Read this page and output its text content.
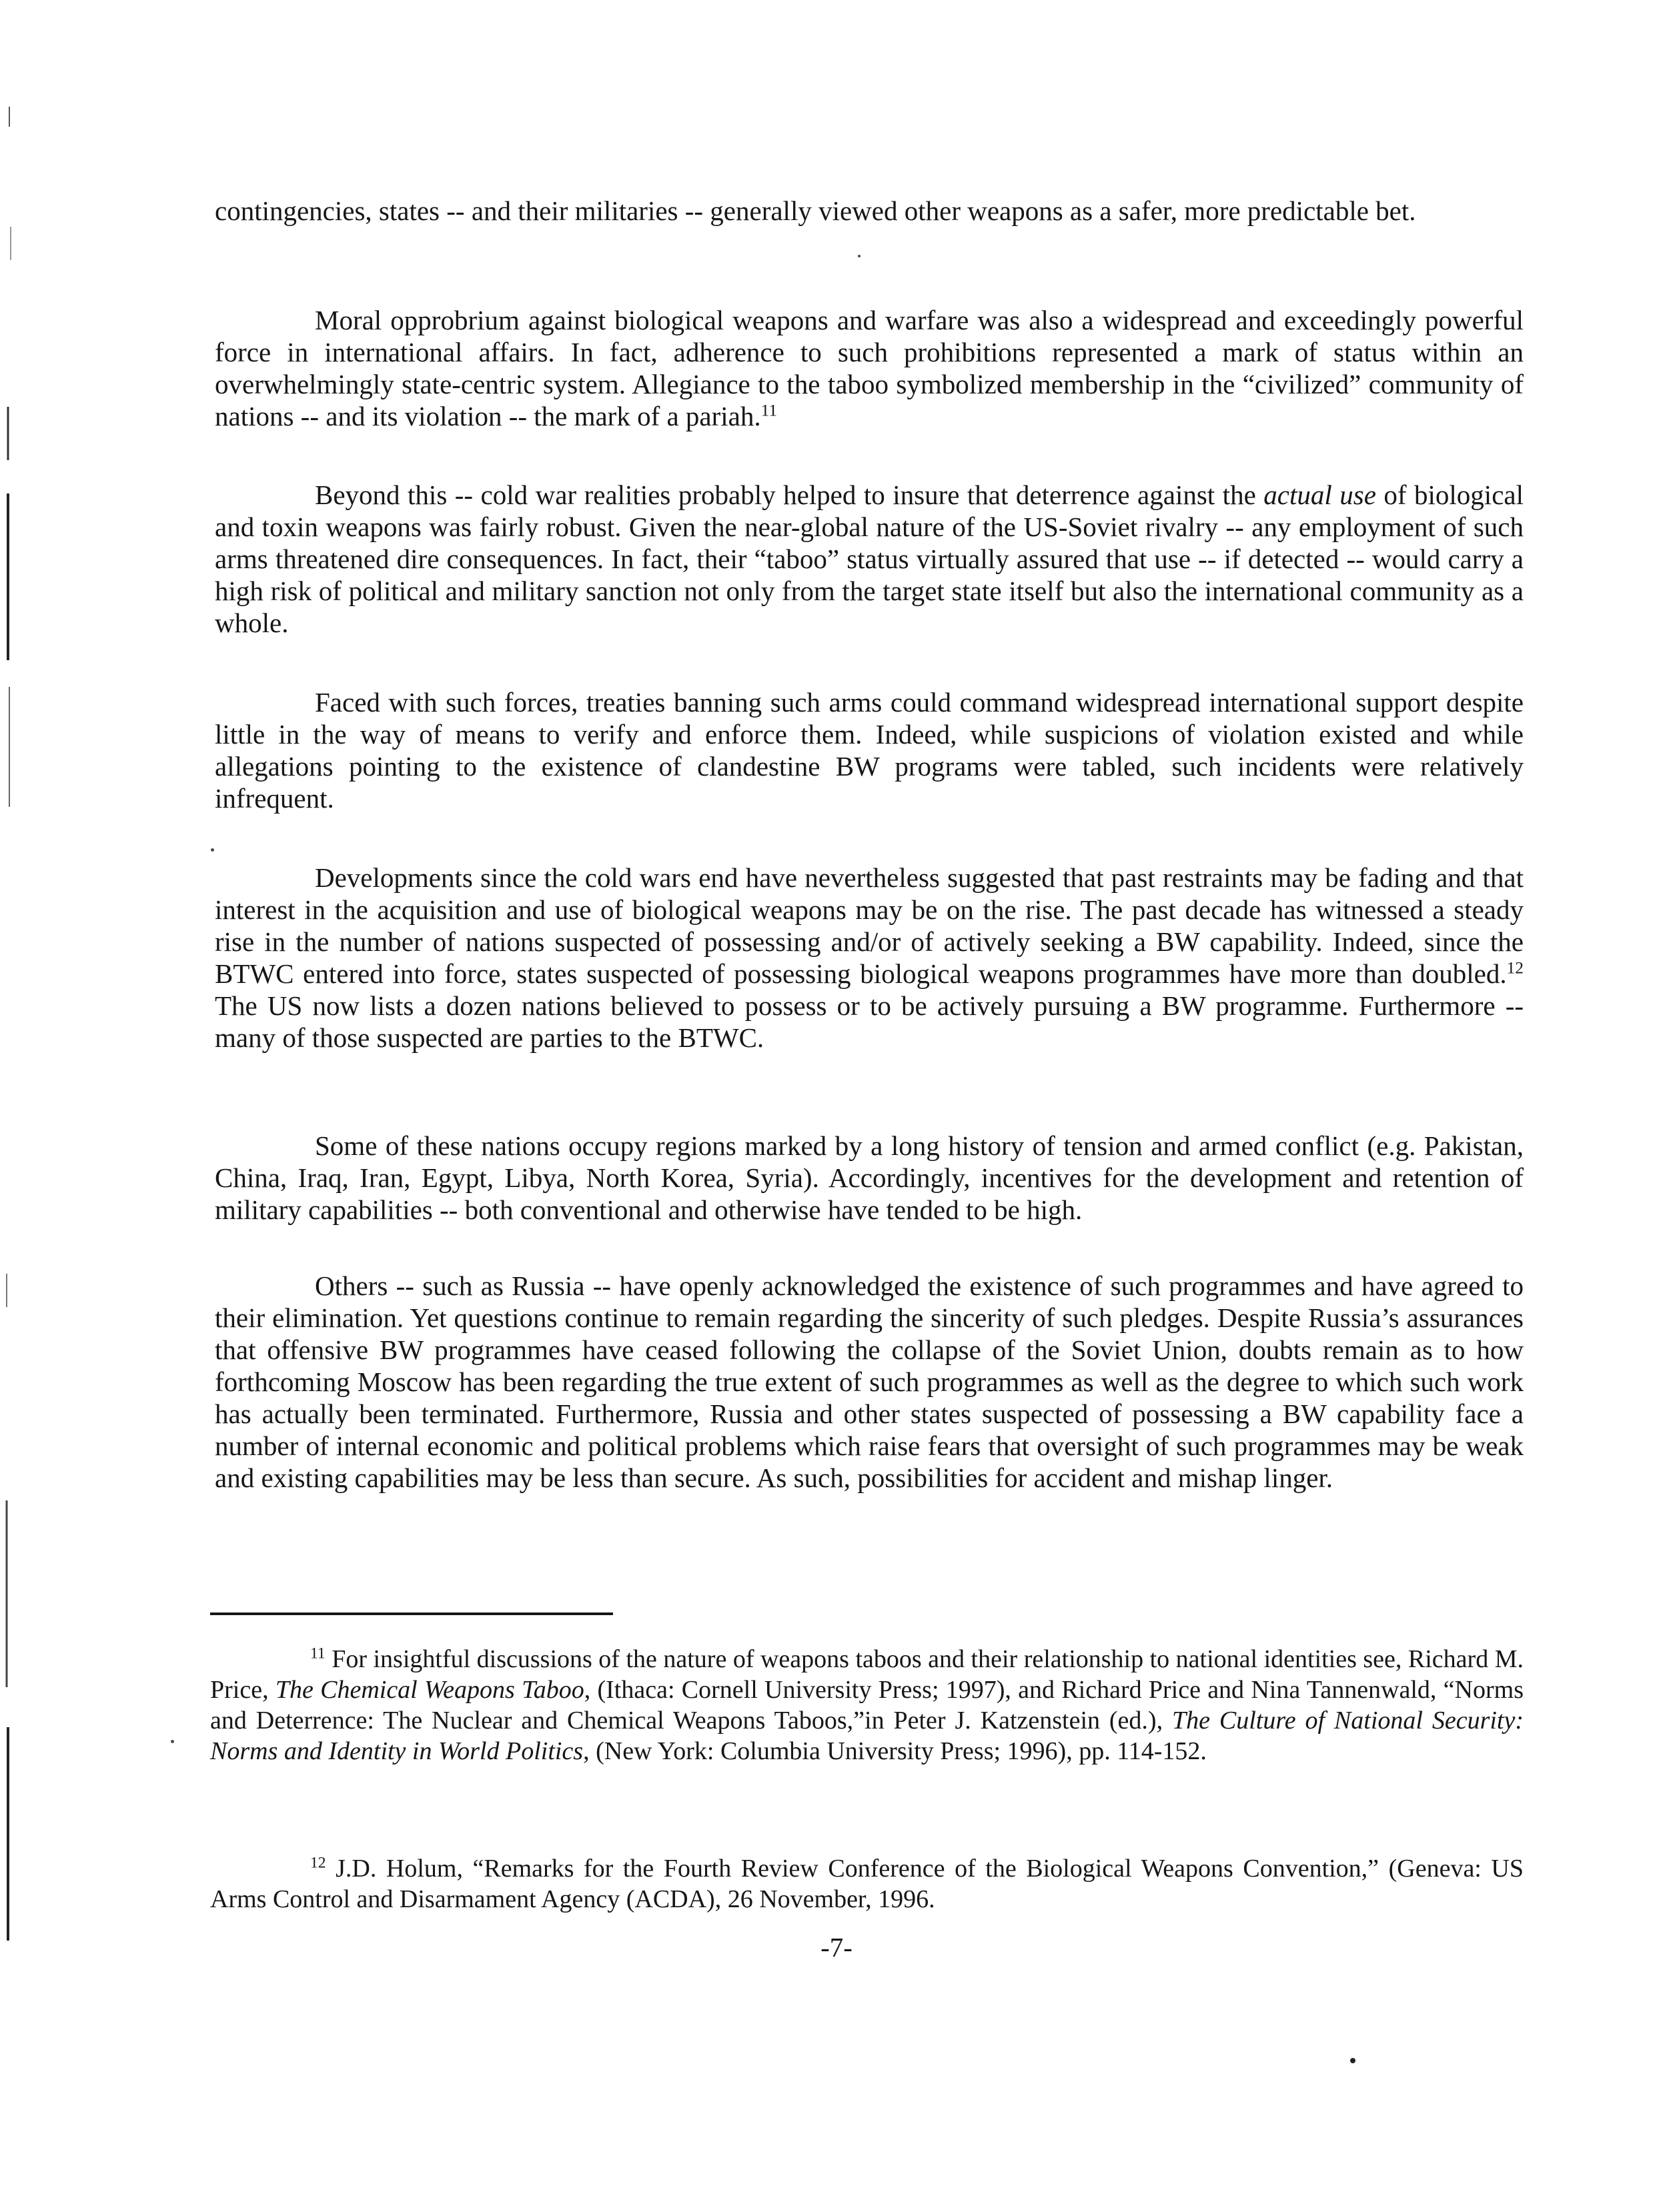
contingencies, states -- and their militaries -- generally viewed other weapons as a safer, more predictable bet.

Moral opprobrium against biological weapons and warfare was also a widespread and exceedingly powerful force in international affairs. In fact, adherence to such prohibitions represented a mark of status within an overwhelmingly state-centric system. Allegiance to the taboo symbolized membership in the “civilized” community of nations -- and its violation -- the mark of a pariah.$^{11}$

Beyond this -- cold war realities probably helped to insure that deterrence against the actual use of biological and toxin weapons was fairly robust. Given the near-global nature of the US-Soviet rivalry -- any employment of such arms threatened dire consequences. In fact, their “taboo” status virtually assured that use -- if detected -- would carry a high risk of political and military sanction not only from the target state itself but also the international community as a whole.

Faced with such forces, treaties banning such arms could command widespread international support despite little in the way of means to verify and enforce them. Indeed, while suspicions of violation existed and while allegations pointing to the existence of clandestine BW programs were tabled, such incidents were relatively infrequent.

Developments since the cold wars end have nevertheless suggested that past restraints may be fading and that interest in the acquisition and use of biological weapons may be on the rise. The past decade has witnessed a steady rise in the number of nations suspected of possessing and/or of actively seeking a BW capability. Indeed, since the BTWC entered into force, states suspected of possessing biological weapons programmes have more than doubled.$^{12}$ The US now lists a dozen nations believed to possess or to be actively pursuing a BW programme. Furthermore -- many of those suspected are parties to the BTWC.

Some of these nations occupy regions marked by a long history of tension and armed conflict (e.g. Pakistan, China, Iraq, Iran, Egypt, Libya, North Korea, Syria). Accordingly, incentives for the development and retention of military capabilities -- both conventional and otherwise have tended to be high.

Others -- such as Russia -- have openly acknowledged the existence of such programmes and have agreed to their elimination. Yet questions continue to remain regarding the sincerity of such pledges. Despite Russia’s assurances that offensive BW programmes have ceased following the collapse of the Soviet Union, doubts remain as to how forthcoming Moscow has been regarding the true extent of such programmes as well as the degree to which such work has actually been terminated. Furthermore, Russia and other states suspected of possessing a BW capability face a number of internal economic and political problems which raise fears that oversight of such programmes may be weak and existing capabilities may be less than secure. As such, possibilities for accident and mishap linger.

$^{11}$ For insightful discussions of the nature of weapons taboos and their relationship to national identities see, Richard M. Price, The Chemical Weapons Taboo, (Ithaca: Cornell University Press; 1997), and Richard Price and Nina Tannenwald, “Norms and Deterrence: The Nuclear and Chemical Weapons Taboos,”in Peter J. Katzenstein (ed.), The Culture of National Security: Norms and Identity in World Politics, (New York: Columbia University Press; 1996), pp. 114-152.

$^{12}$ J.D. Holum, “Remarks for the Fourth Review Conference of the Biological Weapons Convention,” (Geneva: US Arms Control and Disarmament Agency (ACDA), 26 November, 1996.

-7-
